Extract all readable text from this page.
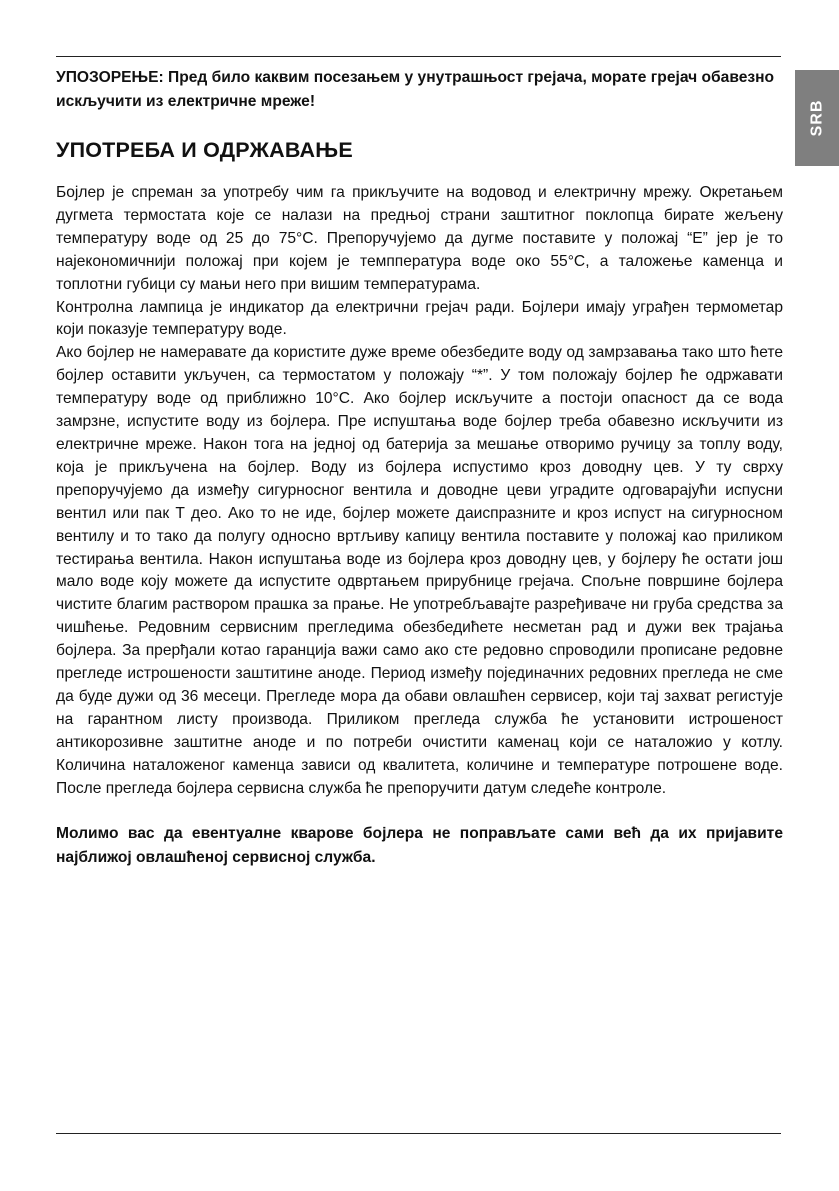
SRB

УПОЗОРЕЊЕ: Пред било каквим посезањем у унутрашњост грејача, морате грејач обавезно искључити из електричне мреже!

УПОТРЕБА И ОДРЖАВАЊЕ

Бојлер је спреман за употребу чим га прикључите на водовод и електричну мрежу. Окретањем дугмета термостата које се налази на предњој страни заштитног поклопца бирате жељену температуру воде од 25 до 75°C. Препоручујемо да дугме поставите у положај “Е” јер је то најекономичнији положај при којем је темппература воде око 55°C, а таложење каменца и топлотни губици су мањи него при вишим температурама.

Контролна лампица је индикатор да електрични грејач ради. Бојлери имају уграђен термометар који показује температуру воде.

Ако бојлер не намеравате да користите дуже време обезбедите воду од замрзавања тако што ћете бојлер оставити укључен, са термостатом у положају “*”. У том положају бојлер ће одржавати температуру воде од приближно 10°C. Ако бојлер искључите а постоји опасност да се вода замрзне, испустите воду из бојлера. Пре испуштања воде бојлер треба обавезно искључити из електричне мреже. Након тога на једној од батерија за мешање отворимо ручицу за топлу воду, која је прикључена на бојлер. Воду из бојлера испустимо кроз доводну цев. У ту сврху препоручујемо да између сигурносног вентила и доводне цеви уградите одговарајући испусни вентил или пак Т део. Ако то не иде, бојлер можете даиспразните и кроз испуст на сигурносном вентилу и то тако да полугу односно вртљиву капицу вентила поставите у положај као приликом тестирања вентила. Након испуштања воде из бојлера кроз доводну цев, у бојлеру ће остати још мало воде коју можете да испустите одвртањем прирубнице грејача. Спољне површине бојлера чистите благим раствором прашка за прање. Не употребљавајте разређиваче ни груба средства за чишћење. Редовним сервисним прегледима обезбедићете несметан рад и дужи век трајања бојлера. За прерђали котао гаранција важи само ако сте редовно спроводили прописане редовне прегледе истрошености заштитине аноде. Период између појединачних редовних прегледа не сме да буде дужи од 36 месеци. Прегледе мора да обави овлашћен сервисер, који тај захват регистује на гарантном листу производа. Приликом прегледа служба ће установити истрошеност антикорозивне заштитне аноде и по потреби очистити каменац који се наталожио у котлу. Количина наталоженог каменца зависи од квалитета, количине и температуре потрошене воде. После прегледа бојлера сервисна служба ће препоручити датум следеће контроле.

Молимо вас да евентуалне кварове бојлера не поправљате сами већ да их пријавите најближој овлашћеној сервисној служба.
